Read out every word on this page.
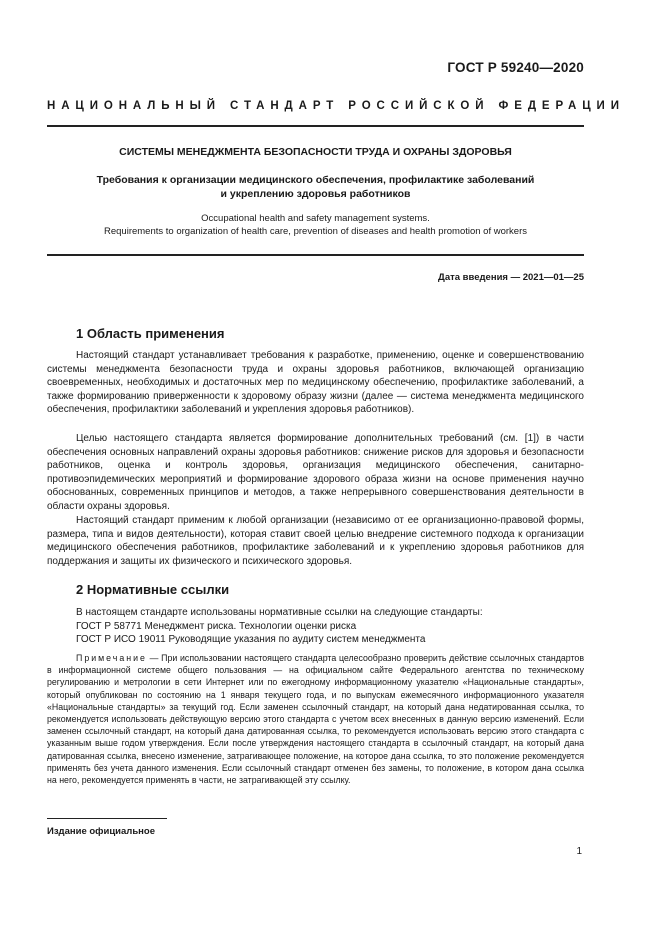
ГОСТ Р 59240—2020
НАЦИОНАЛЬНЫЙ СТАНДАРТ РОССИЙСКОЙ ФЕДЕРАЦИИ
СИСТЕМЫ МЕНЕДЖМЕНТА БЕЗОПАСНОСТИ ТРУДА И ОХРАНЫ ЗДОРОВЬЯ
Требования к организации медицинского обеспечения, профилактике заболеваний
и укреплению здоровья работников
Occupational health and safety management systems.
Requirements to organization of health care, prevention of diseases and health promotion of workers
Дата введения — 2021—01—25
1 Область применения

Настоящий стандарт устанавливает требования к разработке, применению, оценке и совершенствованию системы менеджмента безопасности труда и охраны здоровья работников, включающей организацию своевременных, необходимых и достаточных мер по медицинскому обеспечению, профилактике заболеваний, а также формированию приверженности к здоровому образу жизни (далее — система менеджмента медицинского обеспечения, профилактики заболеваний и укрепления здоровья работников).

Целью настоящего стандарта является формирование дополнительных требований (см. [1]) в части обеспечения основных направлений охраны здоровья работников: снижение рисков для здоровья и безопасности работников, оценка и контроль здоровья, организация медицинского обеспечения, санитарно-противоэпидемических мероприятий и формирование здорового образа жизни на основе применения научно обоснованных, современных принципов и методов, а также непрерывного совершенствования деятельности в области охраны здоровья.

Настоящий стандарт применим к любой организации (независимо от ее организационно-правовой формы, размера, типа и видов деятельности), которая ставит своей целью внедрение системного подхода к организации медицинского обеспечения работников, профилактике заболеваний и к укреплению здоровья работников для поддержания и защиты их физического и психического здоровья.

2 Нормативные ссылки
В настоящем стандарте использованы нормативные ссылки на следующие стандарты:
ГОСТ Р 58771 Менеджмент риска. Технологии оценки риска
ГОСТ Р ИСО 19011 Руководящие указания по аудиту систем менеджмента

Примечание — При использовании настоящего стандарта целесообразно проверить действие ссылочных стандартов в информационной системе общего пользования — на официальном сайте Федерального агентства по техническому регулированию и метрологии в сети Интернет или по ежегодному информационному указателю «Национальные стандарты», который опубликован по состоянию на 1 января текущего года, и по выпускам ежемесячного информационного указателя «Национальные стандарты» за текущий год. Если заменен ссылочный стандарт, на который дана недатированная ссылка, то рекомендуется использовать действующую версию этого стандарта с учетом всех внесенных в данную версию изменений. Если заменен ссылочный стандарт, на который дана датированная ссылка, то рекомендуется использовать версию этого стандарта с указанным выше годом утверждения. Если после утверждения настоящего стандарта в ссылочный стандарт, на который дана датированная ссылка, внесено изменение, затрагивающее положение, на которое дана ссылка, то это положение рекомендуется применять без учета данного изменения. Если ссылочный стандарт отменен без замены, то положение, в котором дана ссылка на него, рекомендуется применять в части, не затрагивающей эту ссылку.

Издание официальное
1
